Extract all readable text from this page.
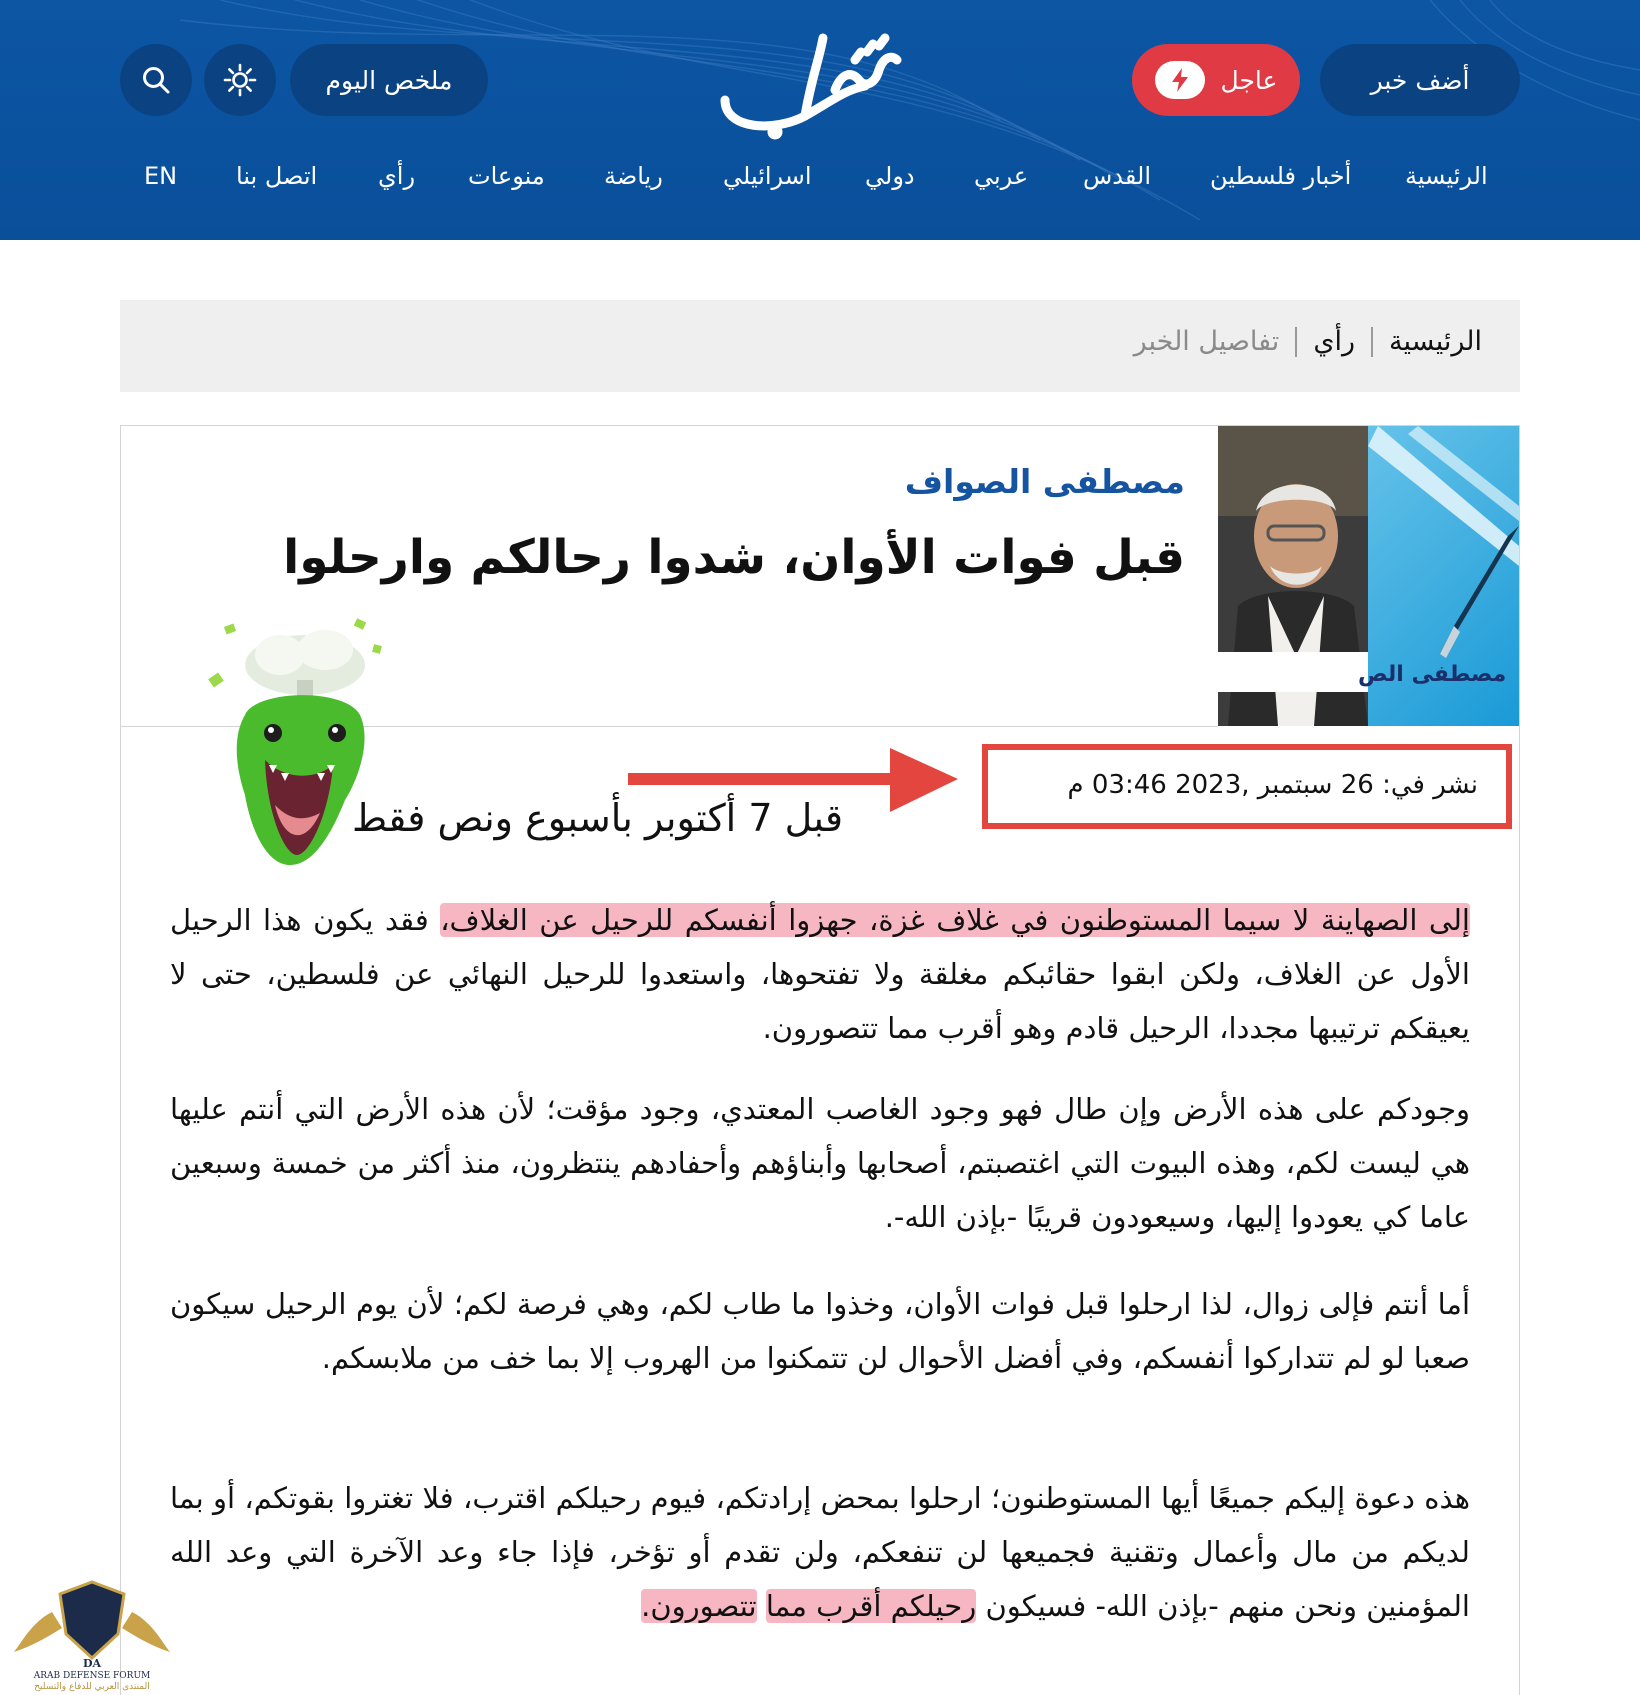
أضف خبر
عاجل
ملخص اليوم
الرئيسية
أخبار فلسطين
القدس
عربي
دولي
اسرائيلي
رياضة
منوعات
رأي
اتصل بنا
EN
الرئيسية
رأي
تفاصيل الخبر
مصطفى الص
مصطفى الصواف
قبل فوات الأوان، شدوا رحالكم وارحلوا
نشر في: 26 سبتمبر ,2023 03:46 م
قبل 7 أكتوبر بأسبوع ونص فقط

إلى الصهاينة لا سيما المستوطنون في غلاف غزة، جهزوا أنفسكم للرحيل عن الغلاف، فقد يكون هذا الرحيل الأول عن الغلاف، ولكن ابقوا حقائبكم مغلقة ولا تفتحوها، واستعدوا للرحيل النهائي عن فلسطين، حتى لا يعيقكم ترتيبها مجددا، الرحيل قادم وهو أقرب مما تتصورون.

وجودكم على هذه الأرض وإن طال فهو وجود الغاصب المعتدي، وجود مؤقت؛ لأن هذه الأرض التي أنتم عليها هي ليست لكم، وهذه البيوت التي اغتصبتم، أصحابها وأبناؤهم وأحفادهم ينتظرون، منذ أكثر من خمسة وسبعين عاما كي يعودوا إليها، وسيعودون قريبًا -بإذن الله-.

أما أنتم فإلى زوال، لذا ارحلوا قبل فوات الأوان، وخذوا ما طاب لكم، وهي فرصة لكم؛ لأن يوم الرحيل سيكون صعبا لو لم تتداركوا أنفسكم، وفي أفضل الأحوال لن تتمكنوا من الهروب إلا بما خف من ملابسكم.

هذه دعوة إليكم جميعًا أيها المستوطنون؛ ارحلوا بمحض إرادتكم، فيوم رحيلكم اقترب، فلا تغتروا بقوتكم، أو بما لديكم من مال وأعمال وتقنية فجميعها لن تنفعكم، ولن تقدم أو تؤخر، فإذا جاء وعد الآخرة التي وعد الله المؤمنين ونحن منهم -بإذن الله- فسيكون رحيلكم أقرب مما تتصورون.

DA
ARAB DEFENSE FORUM
المنتدى العربي للدفاع والتسليح
